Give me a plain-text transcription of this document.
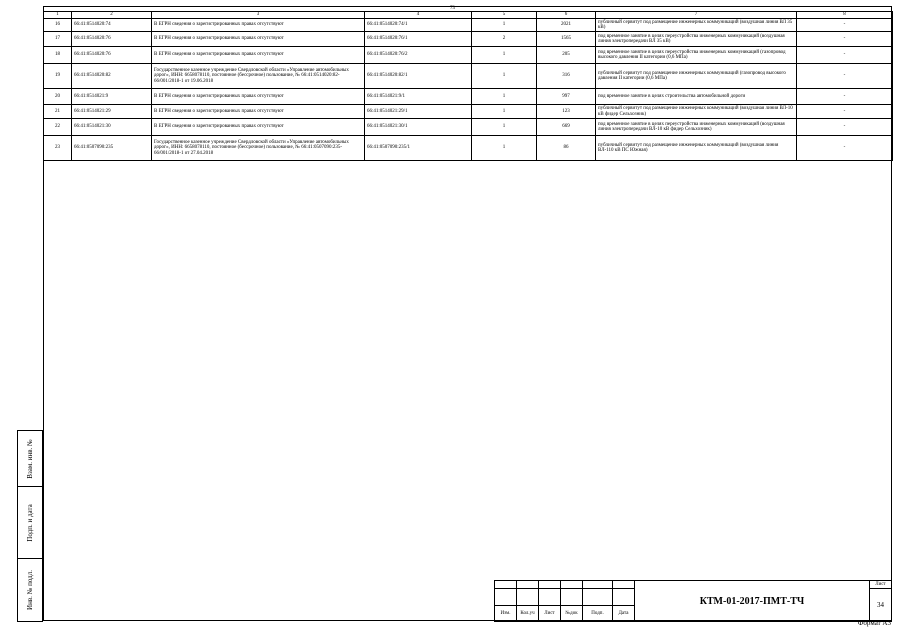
73
1	2	3	4	5	6	7	8
16	66:41:0514020:74	В ЕГРН сведения о зарегистрированных правах отсутствуют	66:41:0514020:74/1	1	2021	публичный сервитут под размещение инженерных коммуникаций (воздушная линия ВЛ 35 кВ)	-
17	66:41:0514020:76	В ЕГРН сведения о зарегистрированных правах отсутствуют	66:41:0514020:76/1	2	1565	под временное занятие в целях переустройства инженерных коммуникаций (воздушная линия электропередачи ВЛ 35 кВ)	-
18	66:41:0514020:76	В ЕГРН сведения о зарегистрированных правах отсутствуют	66:41:0514020:76/2	1	205	под временное занятие в целях переустройства инженерных коммуникаций (газопровод высокого давления II категории (0,6 МПа)	-
19	66:41:0514020:82	Государственное казенное учреждение Свердловской области «Управление автомобильных дорог», ИНН: 6658078110, постоянное (бессрочное) пользование, № 66:41:0514020:82-66/001/2018-1 от 19.06.2018	66:41:0514020:82/1	1	316	публичный сервитут под размещение инженерных коммуникаций (газопровод высокого давления II категории (0,6 МПа)	-
20	66:41:0514021:9	В ЕГРН сведения о зарегистрированных правах отсутствуют	66:41:0514021:9/1	1	997	под временное занятие в целях строительства автомобильной дороги	-
21	66:41:0514021:29	В ЕГРН сведения о зарегистрированных правах отсутствуют	66:41:0514021:29/1	1	123	публичный сервитут под размещение инженерных коммуникаций (воздушная линия ВЛ-10 кВ фидер Сельхозник)	-
22	66:41:0514021:30	В ЕГРН сведения о зарегистрированных правах отсутствуют	66:41:0514021:30/1	1	669	под временное занятие в целях переустройства инженерных коммуникаций (воздушная линия электропередачи ВЛ-10 кВ фидер Сельхозник)	-
23	66:41:0507090:235	Государственное казенное учреждение Свердловской области «Управление автомобильных дорог», ИНН: 6658078110, постоянное (бессрочное) пользование, № 66:41:0507090:235-66/001/2018-1 от 27.04.2018	66:41:0507090:235/1	1	86	публичный сервитут под размещение инженерных коммуникаций (воздушная линия ВЛ-110 кВ ПС Южная)	-
Взам. инв. №

Подп. и дата

Инв. № подл.
							КТМ-01-2017-ПМТ-ТЧ	Лист
							34
Изм.	Кол.уч	Лист	№док	Подп.	Дата		
Формат А3
